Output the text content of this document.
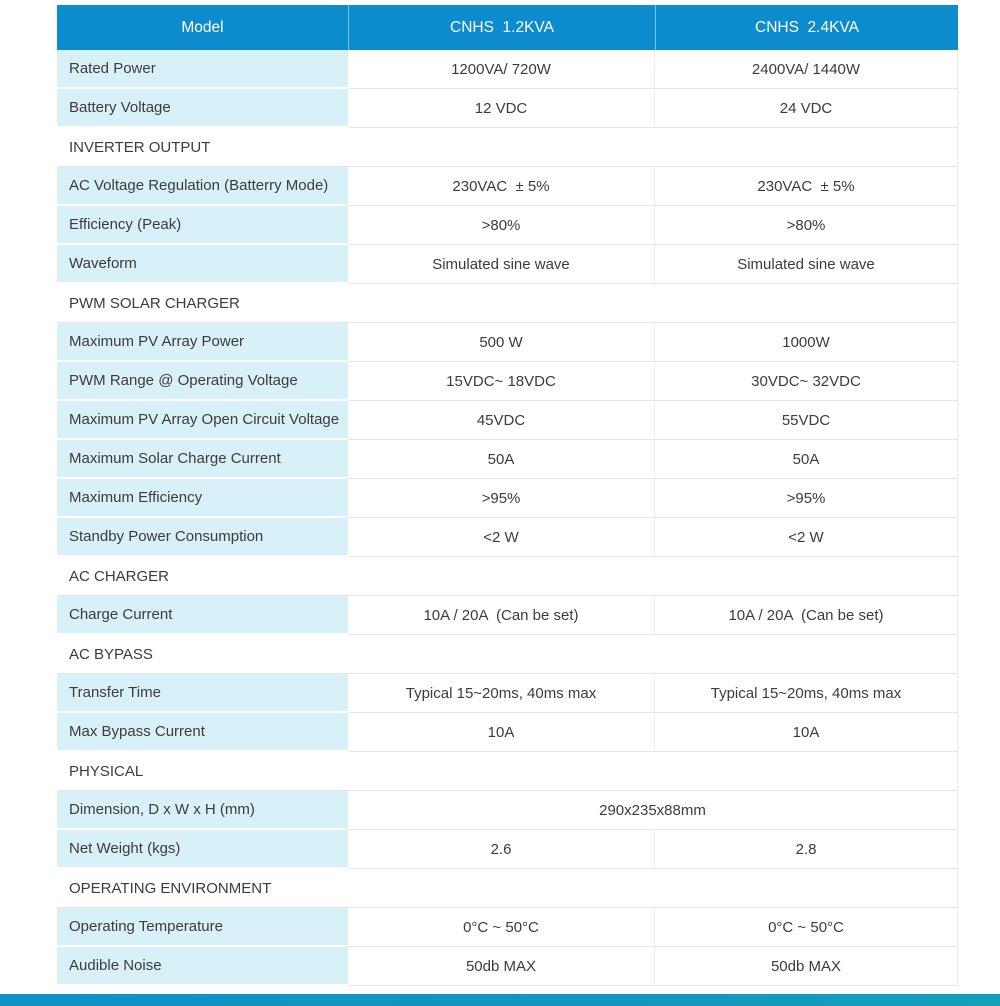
Model	CNHS  1.2KVA	CNHS  2.4KVA
Rated Power	1200VA/ 720W	2400VA/ 1440W
Battery Voltage	12 VDC	24 VDC
INVERTER OUTPUT		
AC Voltage Regulation (Batterry Mode)	230VAC  ± 5%	230VAC  ± 5%
Efficiency (Peak)	>80%	>80%
Waveform	Simulated sine wave	Simulated sine wave
PWM SOLAR CHARGER		
Maximum PV Array Power	500 W	1000W
PWM Range @ Operating Voltage	15VDC~ 18VDC	30VDC~ 32VDC
Maximum PV Array Open Circuit Voltage	45VDC	55VDC
Maximum Solar Charge Current	50A	50A
Maximum Efficiency	>95%	>95%
Standby Power Consumption	<2 W	<2 W
AC CHARGER		
Charge Current	10A / 20A  (Can be set)	10A / 20A  (Can be set)
AC BYPASS		
Transfer Time	Typical 15~20ms, 40ms max	Typical 15~20ms, 40ms max
Max Bypass Current	10A	10A
PHYSICAL		
Dimension, D x W x H (mm)	290x235x88mm	
Net Weight (kgs)	2.6	2.8
OPERATING ENVIRONMENT		
Operating Temperature	0°C ~ 50°C	0°C ~ 50°C
Audible Noise	50db MAX	50db MAX
